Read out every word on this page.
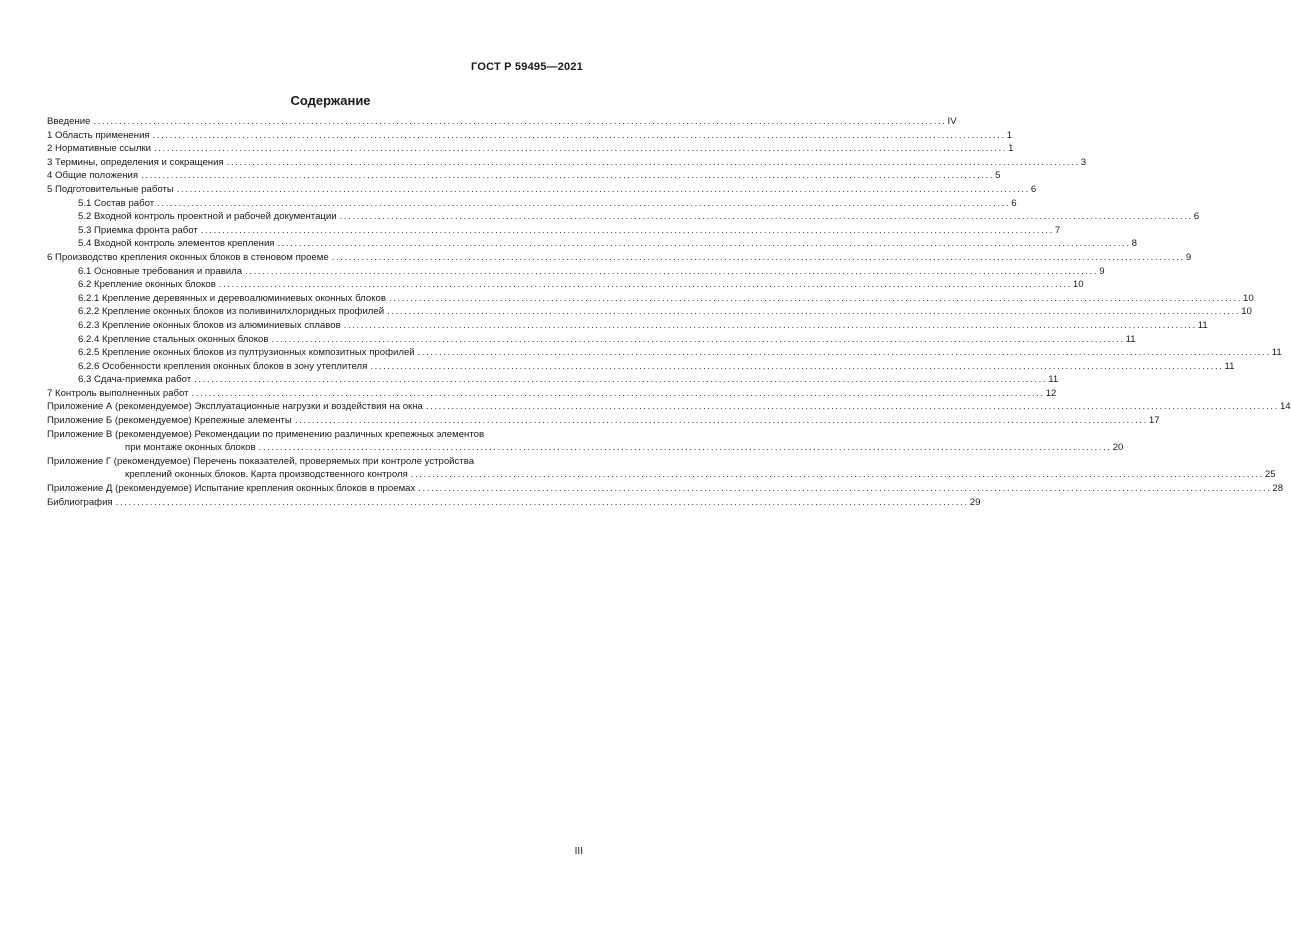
ГОСТ Р 59495—2021
Содержание
Введение ........................................................................................................................................................................................................ IV
1 Область применения ........................................................................................................................................................................................................ 1
2 Нормативные ссылки ........................................................................................................................................................................................................ 1
3 Термины, определения и сокращения ........................................................................................................................................................................................................ 3
4 Общие положения ........................................................................................................................................................................................................ 5
5 Подготовительные работы ........................................................................................................................................................................................................ 6
5.1 Состав работ ........................................................................................................................................................................................................ 6
5.2 Входной контроль проектной и рабочей документации ........................................................................................................................................................................................................ 6
5.3 Приемка фронта работ ........................................................................................................................................................................................................ 7
5.4 Входной контроль элементов крепления ........................................................................................................................................................................................................ 8
6 Производство крепления оконных блоков в стеновом проеме ........................................................................................................................................................................................................ 9
6.1 Основные требования и правила ........................................................................................................................................................................................................ 9
6.2 Крепление оконных блоков ........................................................................................................................................................................................................ 10
6.2.1 Крепление деревянных и деревоалюминиевых оконных блоков ........................................................................................................................................................................................................ 10
6.2.2 Крепление оконных блоков из поливинилхлоридных профилей ........................................................................................................................................................................................................ 10
6.2.3 Крепление оконных блоков из алюминиевых сплавов ........................................................................................................................................................................................................ 11
6.2.4 Крепление стальных оконных блоков ........................................................................................................................................................................................................ 11
6.2.5 Крепление оконных блоков из пултрузионных композитных профилей ........................................................................................................................................................................................................ 11
6.2.6 Особенности крепления оконных блоков в зону утеплителя ........................................................................................................................................................................................................ 11
6.3 Сдача-приемка работ ........................................................................................................................................................................................................ 11
7 Контроль выполненных работ ........................................................................................................................................................................................................ 12
Приложение А (рекомендуемое) Эксплуатационные нагрузки и воздействия на окна ........................................................................................................................................................................................................ 14
Приложение Б (рекомендуемое) Крепежные элементы ........................................................................................................................................................................................................ 17
Приложение В (рекомендуемое) Рекомендации по применению различных крепежных элементов
при монтаже оконных блоков ........................................................................................................................................................................................................ 20
Приложение Г (рекомендуемое) Перечень показателей, проверяемых при контроле устройства
креплений оконных блоков. Карта производственного контроля ........................................................................................................................................................................................................ 25
Приложение Д (рекомендуемое) Испытание крепления оконных блоков в проемах ........................................................................................................................................................................................................ 28
Библиография ........................................................................................................................................................................................................ 29
III
